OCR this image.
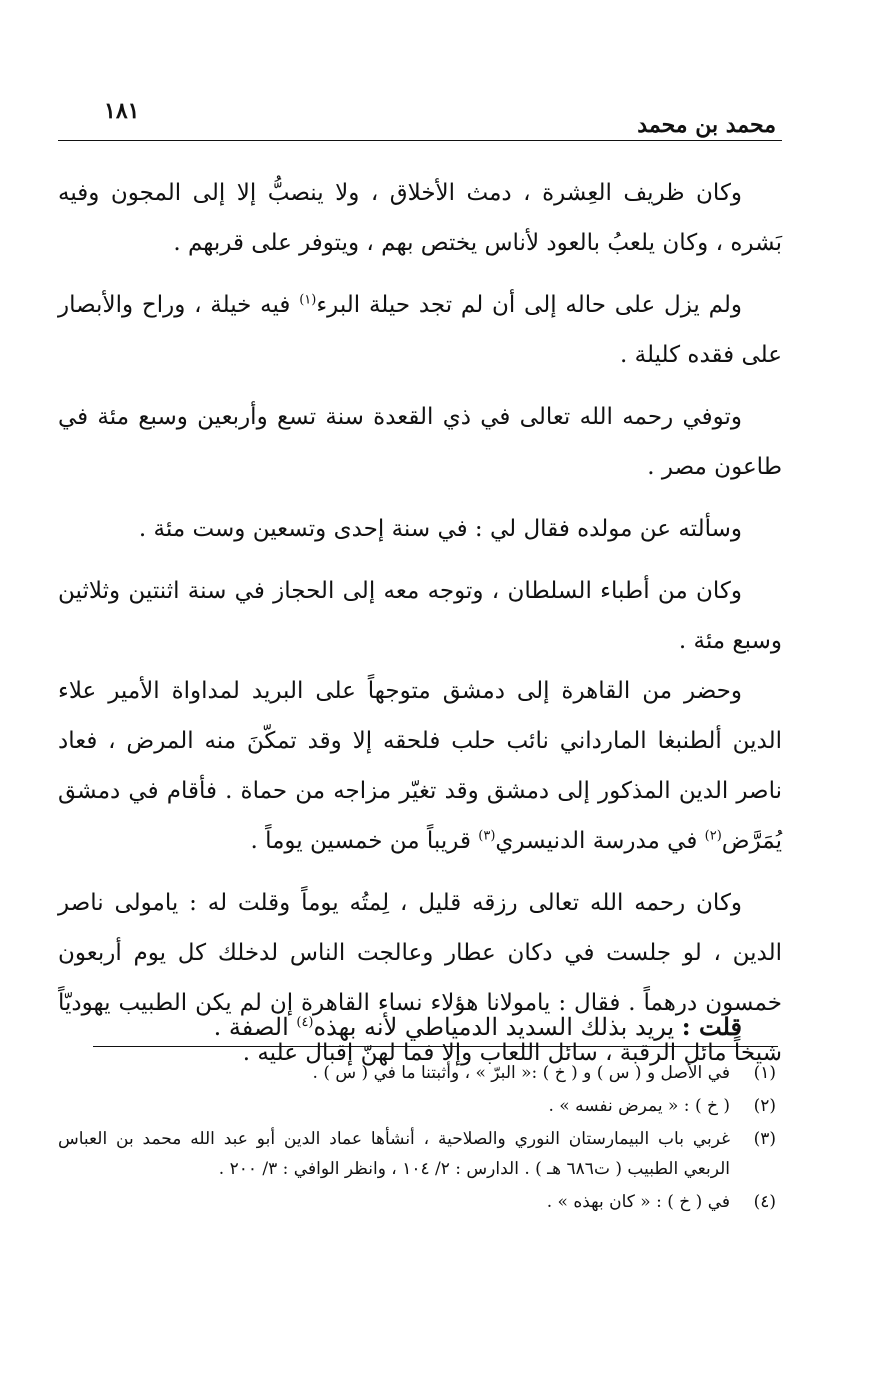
١٨١
محمد بن محمد

وكان ظريف العِشرة ، دمث الأخلاق ، ولا ينصبُّ إلا إلى المجون وفيه بَشره ، وكان يلعبُ بالعود لأناس يختص بهم ، ويتوفر على قربهم .

ولم يزل على حاله إلى أن لم تجد حيلة البرء$^{(١)}$ فيه خيلة ، وراح والأبصار على فقده كليلة .

وتوفي رحمه الله تعالى في ذي القعدة سنة تسع وأربعين وسبع مئة في طاعون مصر .

وسألته عن مولده فقال لي : في سنة إحدى وتسعين وست مئة .

وكان من أطباء السلطان ، وتوجه معه إلى الحجاز في سنة اثنتين وثلاثين وسبع مئة .

وحضر من القاهرة إلى دمشق متوجهاً على البريد لمداواة الأمير علاء الدين ألطنبغا المارداني نائب حلب فلحقه إلا وقد تمكّنَ منه المرض ، فعاد ناصر الدين المذكور إلى دمشق وقد تغيّر مزاجه من حماة . فأقام في دمشق يُمَرَّض$^{(٢)}$ في مدرسة الدنيسري$^{(٣)}$ قريباً من خمسين يوماً .

وكان رحمه الله تعالى رزقه قليل ، لِمتُه يوماً وقلت له : يامولى ناصر الدين ، لو جلست في دكان عطار وعالجت الناس لدخلك كل يوم أربعون خمسون درهماً . فقال : يامولانا هؤلاء نساء القاهرة إن لم يكن الطبيب يهوديّاً شيخاً مائل الرقبة ، سائل اللعاب وإلا فما لهنّ إقبال عليه .

قلت : يريد بذلك السديد الدمياطي لأنه بهذه$^{(٤)}$ الصفة .
(١)
في الأصل و ( س ) و ( خ ) :« البرّ » ، وأثبتنا ما في ( س ) .
(٢)
( خ ) : « يمرض نفسه » .
(٣)
غربي باب البيمارستان النوري والصلاحية ، أنشأها عماد الدين أبو عبد الله محمد بن العباس الربعي الطبيب ( ت٦٨٦ هـ ) . الدارس : ٢/ ١٠٤ ، وانظر الوافي : ٣/ ٢٠٠ .
(٤)
في ( خ ) : « كان بهذه » .
